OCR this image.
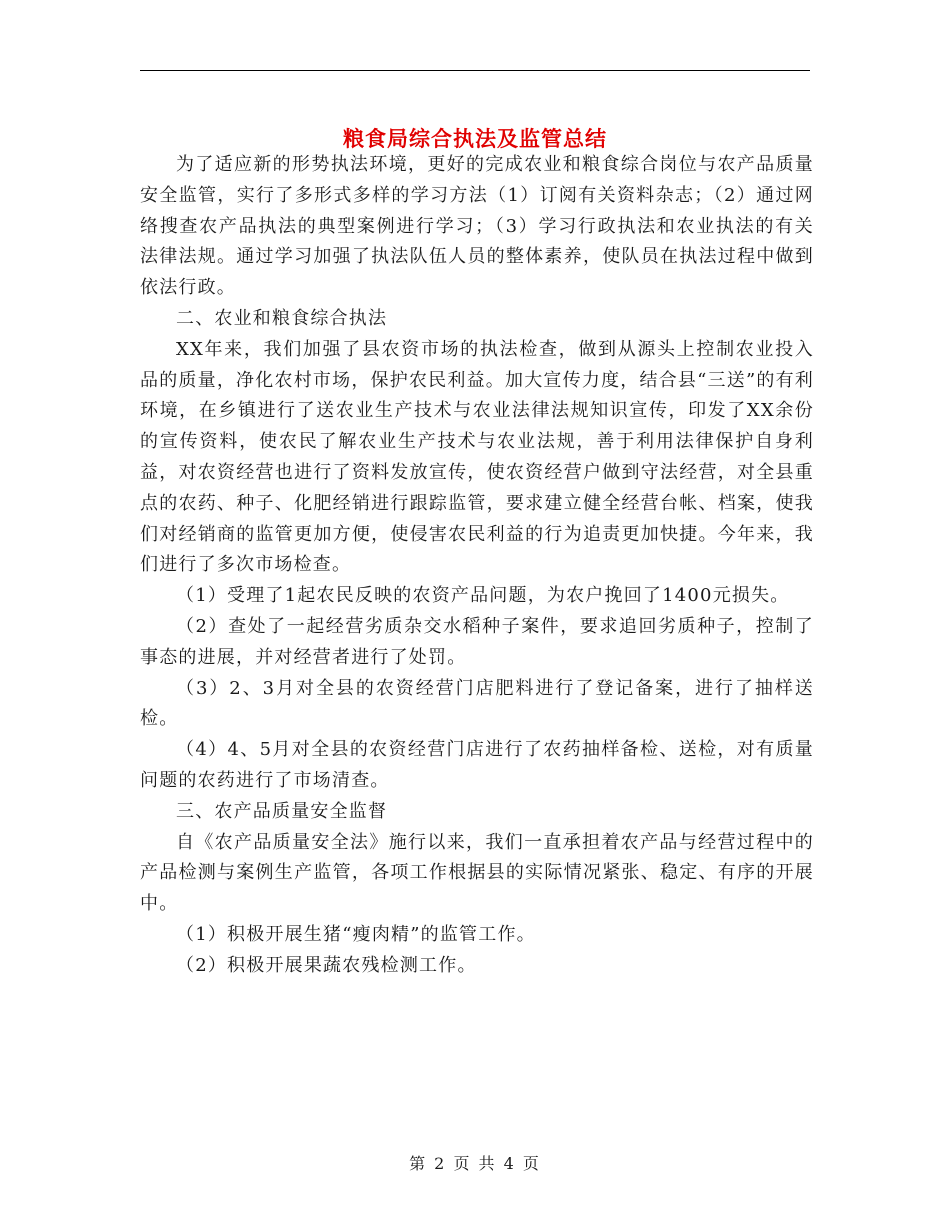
粮食局综合执法及监管总结

为了适应新的形势执法环境，更好的完成农业和粮食综合岗位与农产品质量安全监管，实行了多形式多样的学习方法（1）订阅有关资料杂志；（2）通过网络搜查农产品执法的典型案例进行学习；（3）学习行政执法和农业执法的有关法律法规。通过学习加强了执法队伍人员的整体素养，使队员在执法过程中做到依法行政。

二、农业和粮食综合执法

XX年来，我们加强了县农资市场的执法检查，做到从源头上控制农业投入品的质量，净化农村市场，保护农民利益。加大宣传力度，结合县“三送”的有利环境，在乡镇进行了送农业生产技术与农业法律法规知识宣传，印发了XX余份的宣传资料，使农民了解农业生产技术与农业法规，善于利用法律保护自身利益，对农资经营也进行了资料发放宣传，使农资经营户做到守法经营，对全县重点的农药、种子、化肥经销进行跟踪监管，要求建立健全经营台帐、档案，使我们对经销商的监管更加方便，使侵害农民利益的行为追责更加快捷。今年来，我们进行了多次市场检查。

（1）受理了1起农民反映的农资产品问题，为农户挽回了1400元损失。

（2）查处了一起经营劣质杂交水稻种子案件，要求追回劣质种子，控制了事态的进展，并对经营者进行了处罚。

（3）2、3月对全县的农资经营门店肥料进行了登记备案，进行了抽样送检。

（4）4、5月对全县的农资经营门店进行了农药抽样备检、送检，对有质量问题的农药进行了市场清查。

三、农产品质量安全监督

自《农产品质量安全法》施行以来，我们一直承担着农产品与经营过程中的产品检测与案例生产监管，各项工作根据县的实际情况紧张、稳定、有序的开展中。

（1）积极开展生猪“瘦肉精”的监管工作。

（2）积极开展果蔬农残检测工作。

第 2 页 共 4 页
